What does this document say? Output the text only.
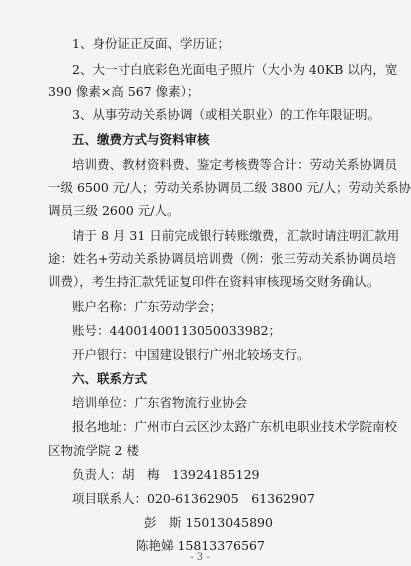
1、身份证正反面、学历证；
2、大一寸白底彩色光面电子照片（大小为 40KB 以内，宽
390 像素×高 567 像素）；
3、从事劳动关系协调（或相关职业）的工作年限证明。
五、缴费方式与资料审核
培训费、教材资料费、鉴定考核费等合计：劳动关系协调员
一级 6500 元/人；劳动关系协调员二级 3800 元/人；劳动关系协
调员三级 2600 元/人。
请于 8 月 31 日前完成银行转账缴费，汇款时请注明汇款用
途：姓名+劳动关系协调员培训费（例：张三劳动关系协调员培
训费），考生持汇款凭证复印件在资料审核现场交财务确认。
账户名称：广东劳动学会；
账号：44001400113050033982；
开户银行：中国建设银行广州北较场支行。
六、联系方式
培训单位：广东省物流行业协会
报名地址：广州市白云区沙太路广东机电职业技术学院南校
区物流学院 2 楼
负责人：胡　梅　13924185129
项目联系人：020-61362905　61362907
彭　斯 15013045890
陈艳娣 15813376567
- 3 -
